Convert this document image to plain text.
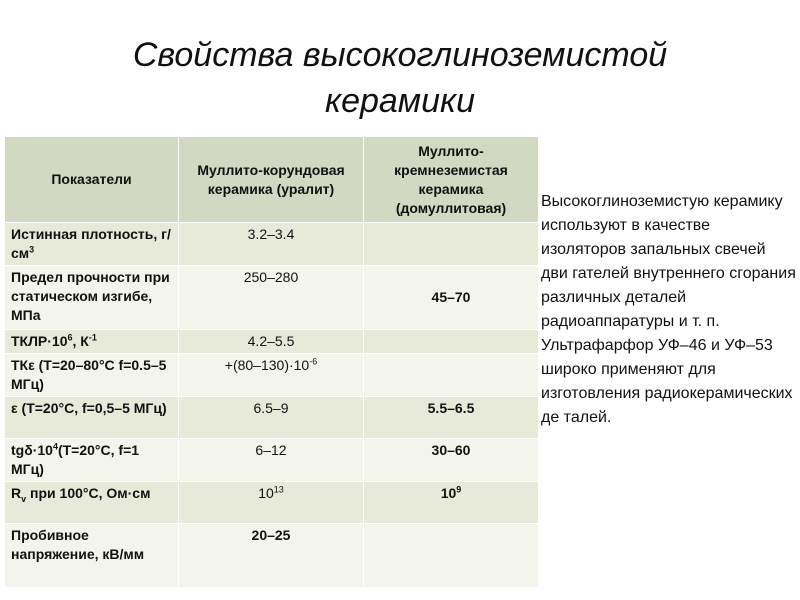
Свойства высокоглиноземистой керамики
Показатели	Муллито-корундовая керамика (уралит)	Муллито-кремнеземистая керамика (домуллитовая)
Истинная плотность, $г/см^3$	3.2–3.4	
Предел прочности при статическом изгибе, МПа	250–280	45–70
$ТКЛР\cdot 10^6$, $К^{-1}$	4.2–5.5	
ТКε (Т=20–80°С f=0.5–5 МГц)	$+(80-130)\cdot 10^{-6}$	
ε (Т=20°С, f=0,5–5 МГц)	6.5–9	5.5–6.5
$tg\delta\cdot 10^4(Т=20^\circ С$, f=1 МГц)	6–12	30–60
$R_v$ при 100°С, Ом·см	$10^{13}$	$10^9$
Пробивное напряжение, кВ/мм	20–25	
Высокоглиноземистую керамику используют в качестве изоляторов запальных свечей дви гателей внутреннего сгорания различных деталей радиоаппаратуры и т. п. Ультрафарфор УФ–46 и УФ–53 широко применяют для изготовления радиокерамических де талей.
